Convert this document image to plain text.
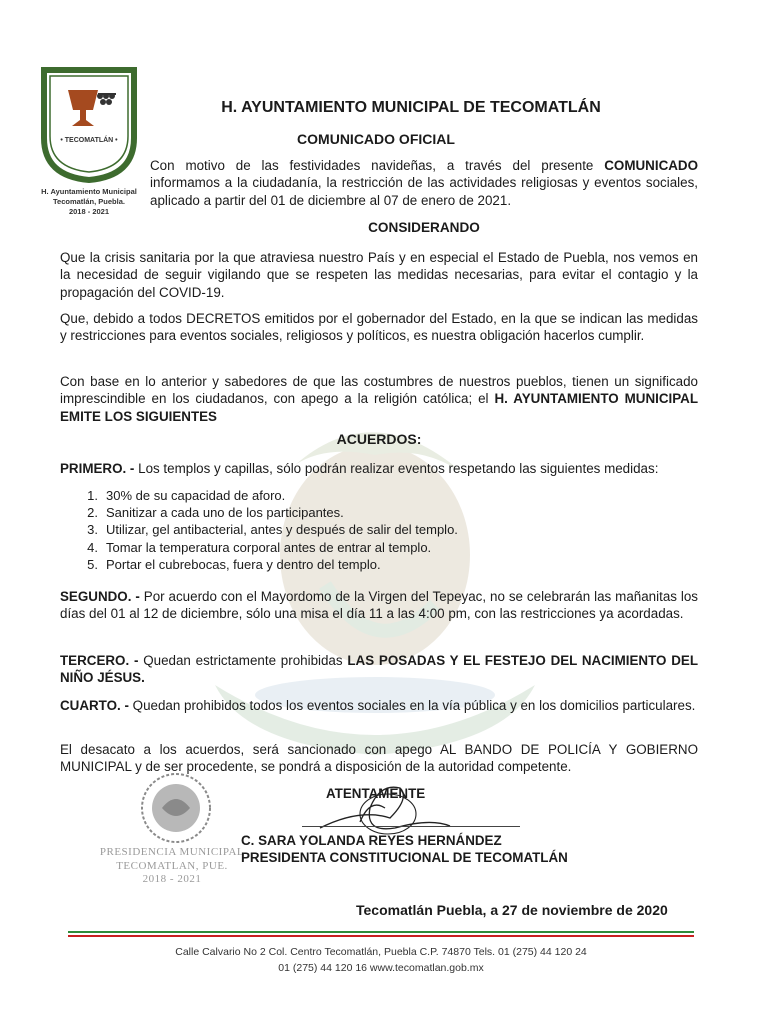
• TECOMATLÁN •
H. Ayuntamiento Municipal
Tecomatlán, Puebla.
2018 - 2021
H. AYUNTAMIENTO MUNICIPAL DE TECOMATLÁN
COMUNICADO OFICIAL
Con motivo de las festividades navideñas, a través del presente COMUNICADO informamos a la ciudadanía, la restricción de las actividades religiosas y eventos sociales, aplicado a partir del 01 de diciembre al 07 de enero de 2021.
CONSIDERANDO
Que la crisis sanitaria por la que atraviesa nuestro País y en especial el Estado de Puebla, nos vemos en la necesidad de seguir vigilando que se respeten las medidas necesarias, para evitar el contagio y la propagación del COVID-19.
Que, debido a todos DECRETOS emitidos por el gobernador del Estado, en la que se indican las medidas y restricciones para eventos sociales, religiosos y políticos, es nuestra obligación hacerlos cumplir.
Con base en lo anterior y sabedores de que las costumbres de nuestros pueblos, tienen un significado imprescindible en los ciudadanos, con apego a la religión católica; el H. AYUNTAMIENTO MUNICIPAL EMITE LOS SIGUIENTES
ACUERDOS:
PRIMERO. - Los templos y capillas, sólo podrán realizar eventos respetando las siguientes medidas:
1. 30% de su capacidad de aforo.
2. Sanitizar a cada uno de los participantes.
3. Utilizar, gel antibacterial, antes y después de salir del templo.
4. Tomar la temperatura corporal antes de entrar al templo.
5. Portar el cubrebocas, fuera y dentro del templo.
SEGUNDO. - Por acuerdo con el Mayordomo de la Virgen del Tepeyac, no se celebrarán las mañanitas los días del 01 al 12 de diciembre, sólo una misa el día 11 a las 4:00 pm, con las restricciones ya acordadas.
TERCERO. - Quedan estrictamente prohibidas LAS POSADAS Y EL FESTEJO DEL NACIMIENTO DEL NIÑO JÉSUS.
CUARTO. - Quedan prohibidos todos los eventos sociales en la vía pública y en los domicilios particulares.
El desacato a los acuerdos, será sancionado con apego AL BANDO DE POLICÍA Y GOBIERNO MUNICIPAL y de ser procedente, se pondrá a disposición de la autoridad competente.
PRESIDENCIA MUNICIPAL
TECOMATLAN, PUE.
2018 - 2021
ATENTAMENTE
C. SARA YOLANDA REYES HERNÁNDEZ
PRESIDENTA CONSTITUCIONAL DE TECOMATLÁN
Tecomatlán Puebla, a 27 de noviembre de 2020
Calle Calvario No 2 Col. Centro Tecomatlán, Puebla C.P. 74870 Tels. 01 (275) 44 120 24
01 (275) 44 120 16 www.tecomatlan.gob.mx
